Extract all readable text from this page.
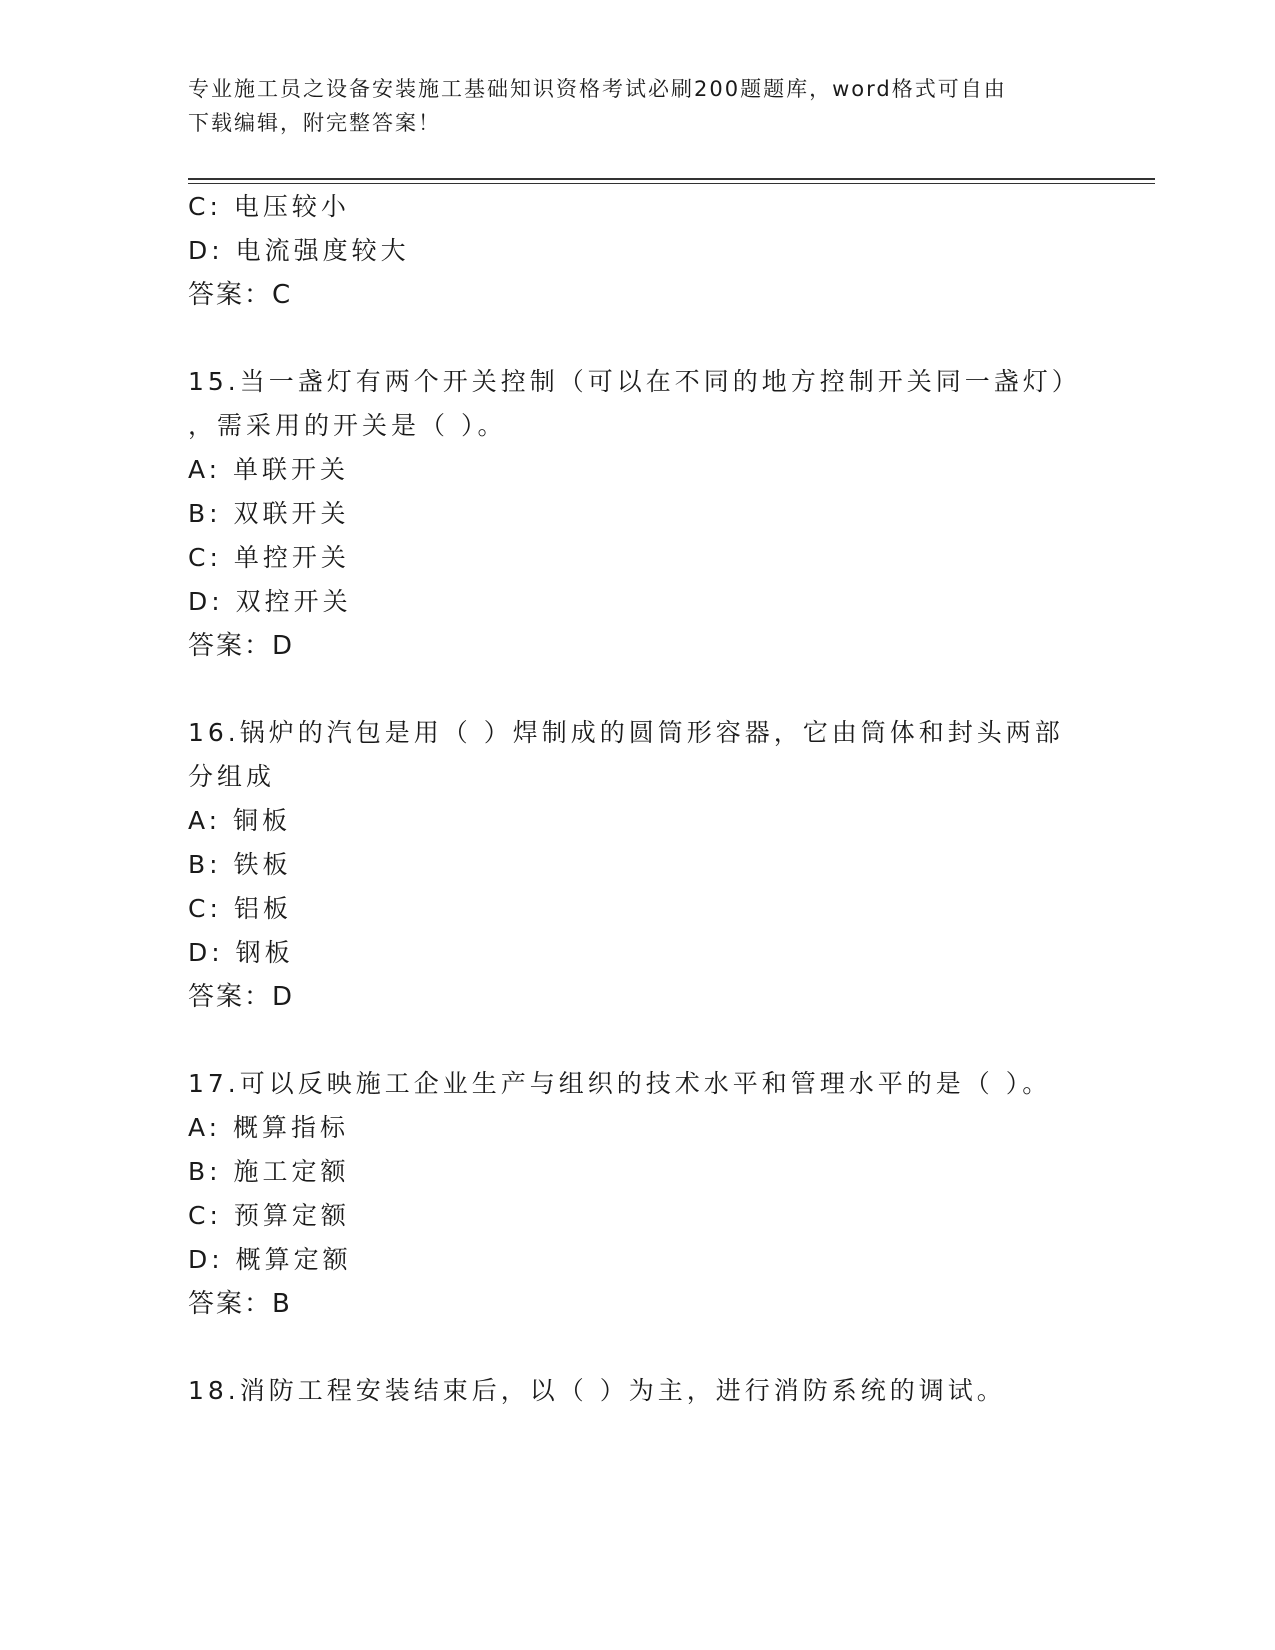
专业施工员之设备安装施工基础知识资格考试必刷200题题库，word格式可自由
下载编辑，附完整答案！
C: 电压较小
D: 电流强度较大
答案：C
15.当一盏灯有两个开关控制（可以在不同的地方控制开关同一盏灯）
，需采用的开关是（ ）。
A: 单联开关
B: 双联开关
C: 单控开关
D: 双控开关
答案：D
16.锅炉的汽包是用（ ）焊制成的圆筒形容器，它由筒体和封头两部
分组成
A: 铜板
B: 铁板
C: 铝板
D: 钢板
答案：D
17.可以反映施工企业生产与组织的技术水平和管理水平的是（ ）。
A: 概算指标
B: 施工定额
C: 预算定额
D: 概算定额
答案：B
18.消防工程安装结束后，以（ ）为主，进行消防系统的调试。
